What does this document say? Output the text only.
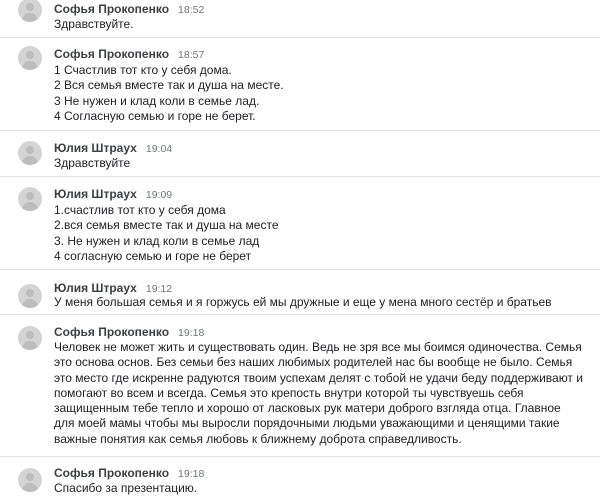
Софья Прокопенко 18:52
Здравствуйте.
Софья Прокопенко 18:57
1 Счастлив тот кто у себя дома.
2 Вся семья вместе так и душа на месте.
3 Не нужен и клад коли в семье лад.
4 Согласную семью и горе не берет.
Юлия Штраух 19:04
Здравствуйте
Юлия Штраух 19:09
1.счастлив тот кто у себя дома
2.вся семья вместе так и душа на месте
3. Не нужен и клад коли в семье лад
4 согласную семью и горе не берет
Юлия Штраух 19:12
У меня большая семья и я горжусь ей мы дружные и еще у мена много сестёр и братьев
Софья Прокопенко 19:18
Человек не может жить и существовать один. Ведь не зря все мы боимся одиночества. Семья это основа основ. Без семьи без наших любимых родителей нас бы вообще не было. Семья это место где искренне радуются твоим успехам делят с тобой не удачи беду поддерживают и помогают во всем и всегда. Семья это крепость внутри которой ты чувствуешь себя защищенным тебе тепло и хорошо от ласковых рук матери доброго взгляда отца. Главное для моей мамы чтобы мы выросли порядочными людьми уважающими и ценящими такие важные понятия как семья любовь к ближнему доброта справедливость.
Софья Прокопенко 19:18
Спасибо за презентацию.
